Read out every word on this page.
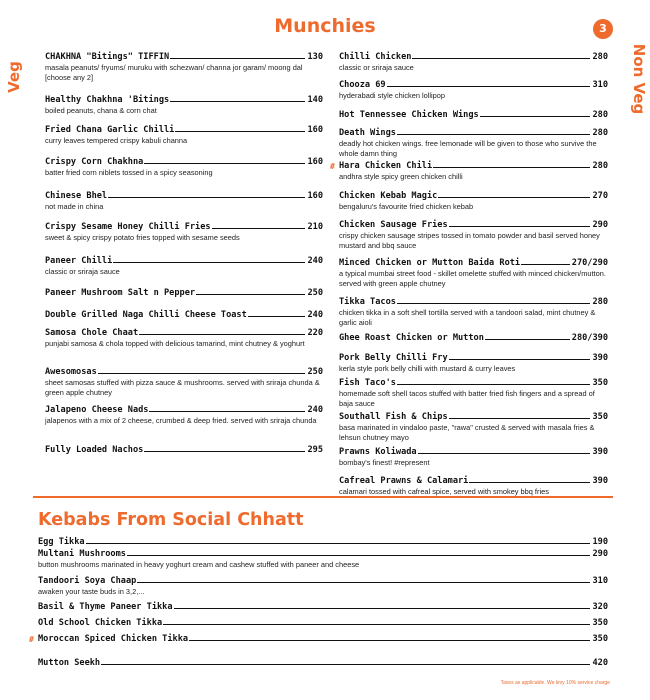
Munchies	3
Veg	Non Veg
CHAKHNA "Bitings" TIFFIN	130
masala peanuts/ fryums/ muruku with schezwan/ channa jor garam/ moong dal [choose any 2]
Healthy Chakhna 'Bitings	140
boiled peanuts, chana & corn chat
Fried Chana Garlic Chilli	160
curry leaves tempered crispy kabuli channa
Crispy Corn Chakhna	160
batter fried corn niblets tossed in a spicy seasoning
Chinese Bhel	160
not made in china
Crispy Sesame Honey Chilli Fries	210
sweet & spicy crispy potato fries topped with sesame seeds
Paneer Chilli	240
classic or sriraja sauce
Paneer Mushroom Salt n Pepper	250
Double Grilled Naga Chilli Cheese Toast	240
Samosa Chole Chaat	220
punjabi samosa & chola topped with delicious tamarind, mint chutney & yoghurt
Awesomosas	250
sheet samosas stuffed with pizza sauce & mushrooms. served with sriraja chunda & green apple chutney
Jalapeno Cheese Nads	240
jalapenos with a mix of 2 cheese, crumbed & deep fried. served with sriraja chunda
Fully Loaded Nachos	295
Chilli Chicken	280
classic or sriraja sauce
Chooza 69	310
hyderabadi style chicken lollipop
Hot Tennessee Chicken Wings	280
Death Wings	280
deadly hot chicken wings. free lemonade will be given to those who survive the whole damn thing
# Hara Chicken Chili	280
andhra style spicy green chicken chilli
Chicken Kebab Magic	270
bengaluru's favourite fried chicken kebab
Chicken Sausage Fries	290
crispy chicken sausage stripes tossed in tomato powder and basil served honey mustard and bbq sauce
Minced Chicken or Mutton Baida Roti	270/290
a typical mumbai street food - skillet omelette stuffed with minced chicken/mutton. served with green apple chutney
Tikka Tacos	280
chicken tikka in a soft shell tortilla served with a tandoori salad, mint chutney & garlic aioli
Ghee Roast Chicken or Mutton	280/390
Pork Belly Chilli Fry	390
kerla style pork belly chilli with mustard & curry leaves
Fish Taco's	350
homemade soft shell tacos stuffed with batter fried fish fingers and a spread of baja sauce
Southall Fish & Chips	350
basa marinated in vindaloo paste, "rawa" crusted & served with masala fries & lehsun chutney mayo
Prawns Koliwada	390
bombay's finest! #represent
Cafreal Prawns & Calamari	390
calamari tossed with cafreal spice, served with smokey bbq fries
Kebabs From Social Chhatt
Egg Tikka	190
Multani Mushrooms	290
button mushrooms marinated in heavy yoghurt cream and cashew stuffed with paneer and cheese
Tandoori Soya Chaap	310
awaken your taste buds in 3,2,...
Basil & Thyme Paneer Tikka	320
Old School Chicken Tikka	350
# Moroccan Spiced Chicken Tikka	350
Mutton Seekh	420
Taxes as applicable. We levy 10% service charge
